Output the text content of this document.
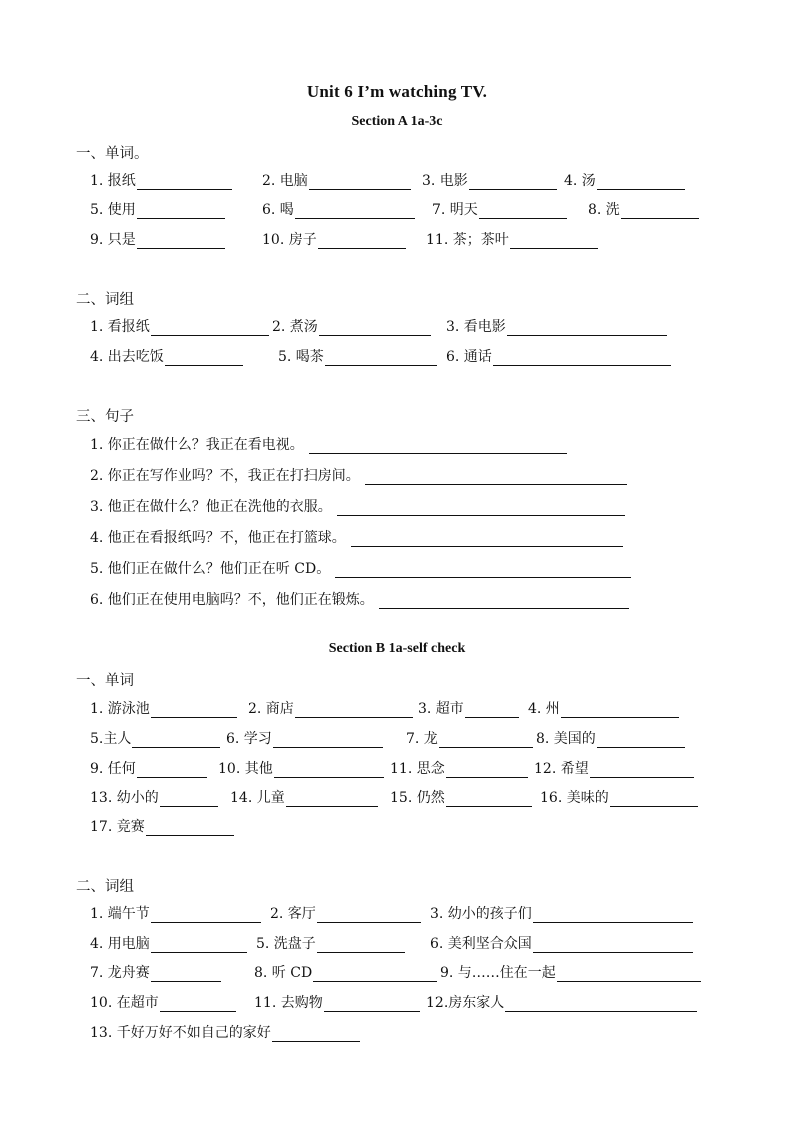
Unit 6 I’m watching TV.
Section A 1a-3c
一、单词。
1. 报纸	2. 电脑	3. 电影	4. 汤
5. 使用	6. 喝	7. 明天	8. 洗
9. 只是	10. 房子	11. 茶；茶叶
二、词组
1. 看报纸	2. 煮汤	3. 看电影
4. 出去吃饭	5. 喝茶	6. 通话
三、句子
1. 你正在做什么？我正在看电视。
2. 你正在写作业吗？不，我正在打扫房间。
3. 他正在做什么？他正在洗他的衣服。
4. 他正在看报纸吗？不，他正在打篮球。
5. 他们正在做什么？他们正在听 CD。
6. 他们正在使用电脑吗？不，他们正在锻炼。
Section B 1a-self check
一、单词
1. 游泳池	2. 商店	3. 超市	4. 州
5.主人	6. 学习	7. 龙	8. 美国的
9. 任何	10. 其他	11. 思念	12. 希望
13. 幼小的	14. 儿童	15. 仍然	16. 美味的
17. 竞赛
二、词组
1. 端午节	2. 客厅	3. 幼小的孩子们
4. 用电脑	5. 洗盘子	6. 美利坚合众国
7. 龙舟赛	8. 听 CD	9. 与……住在一起
10. 在超市	11. 去购物	12.房东家人
13. 千好万好不如自己的家好
